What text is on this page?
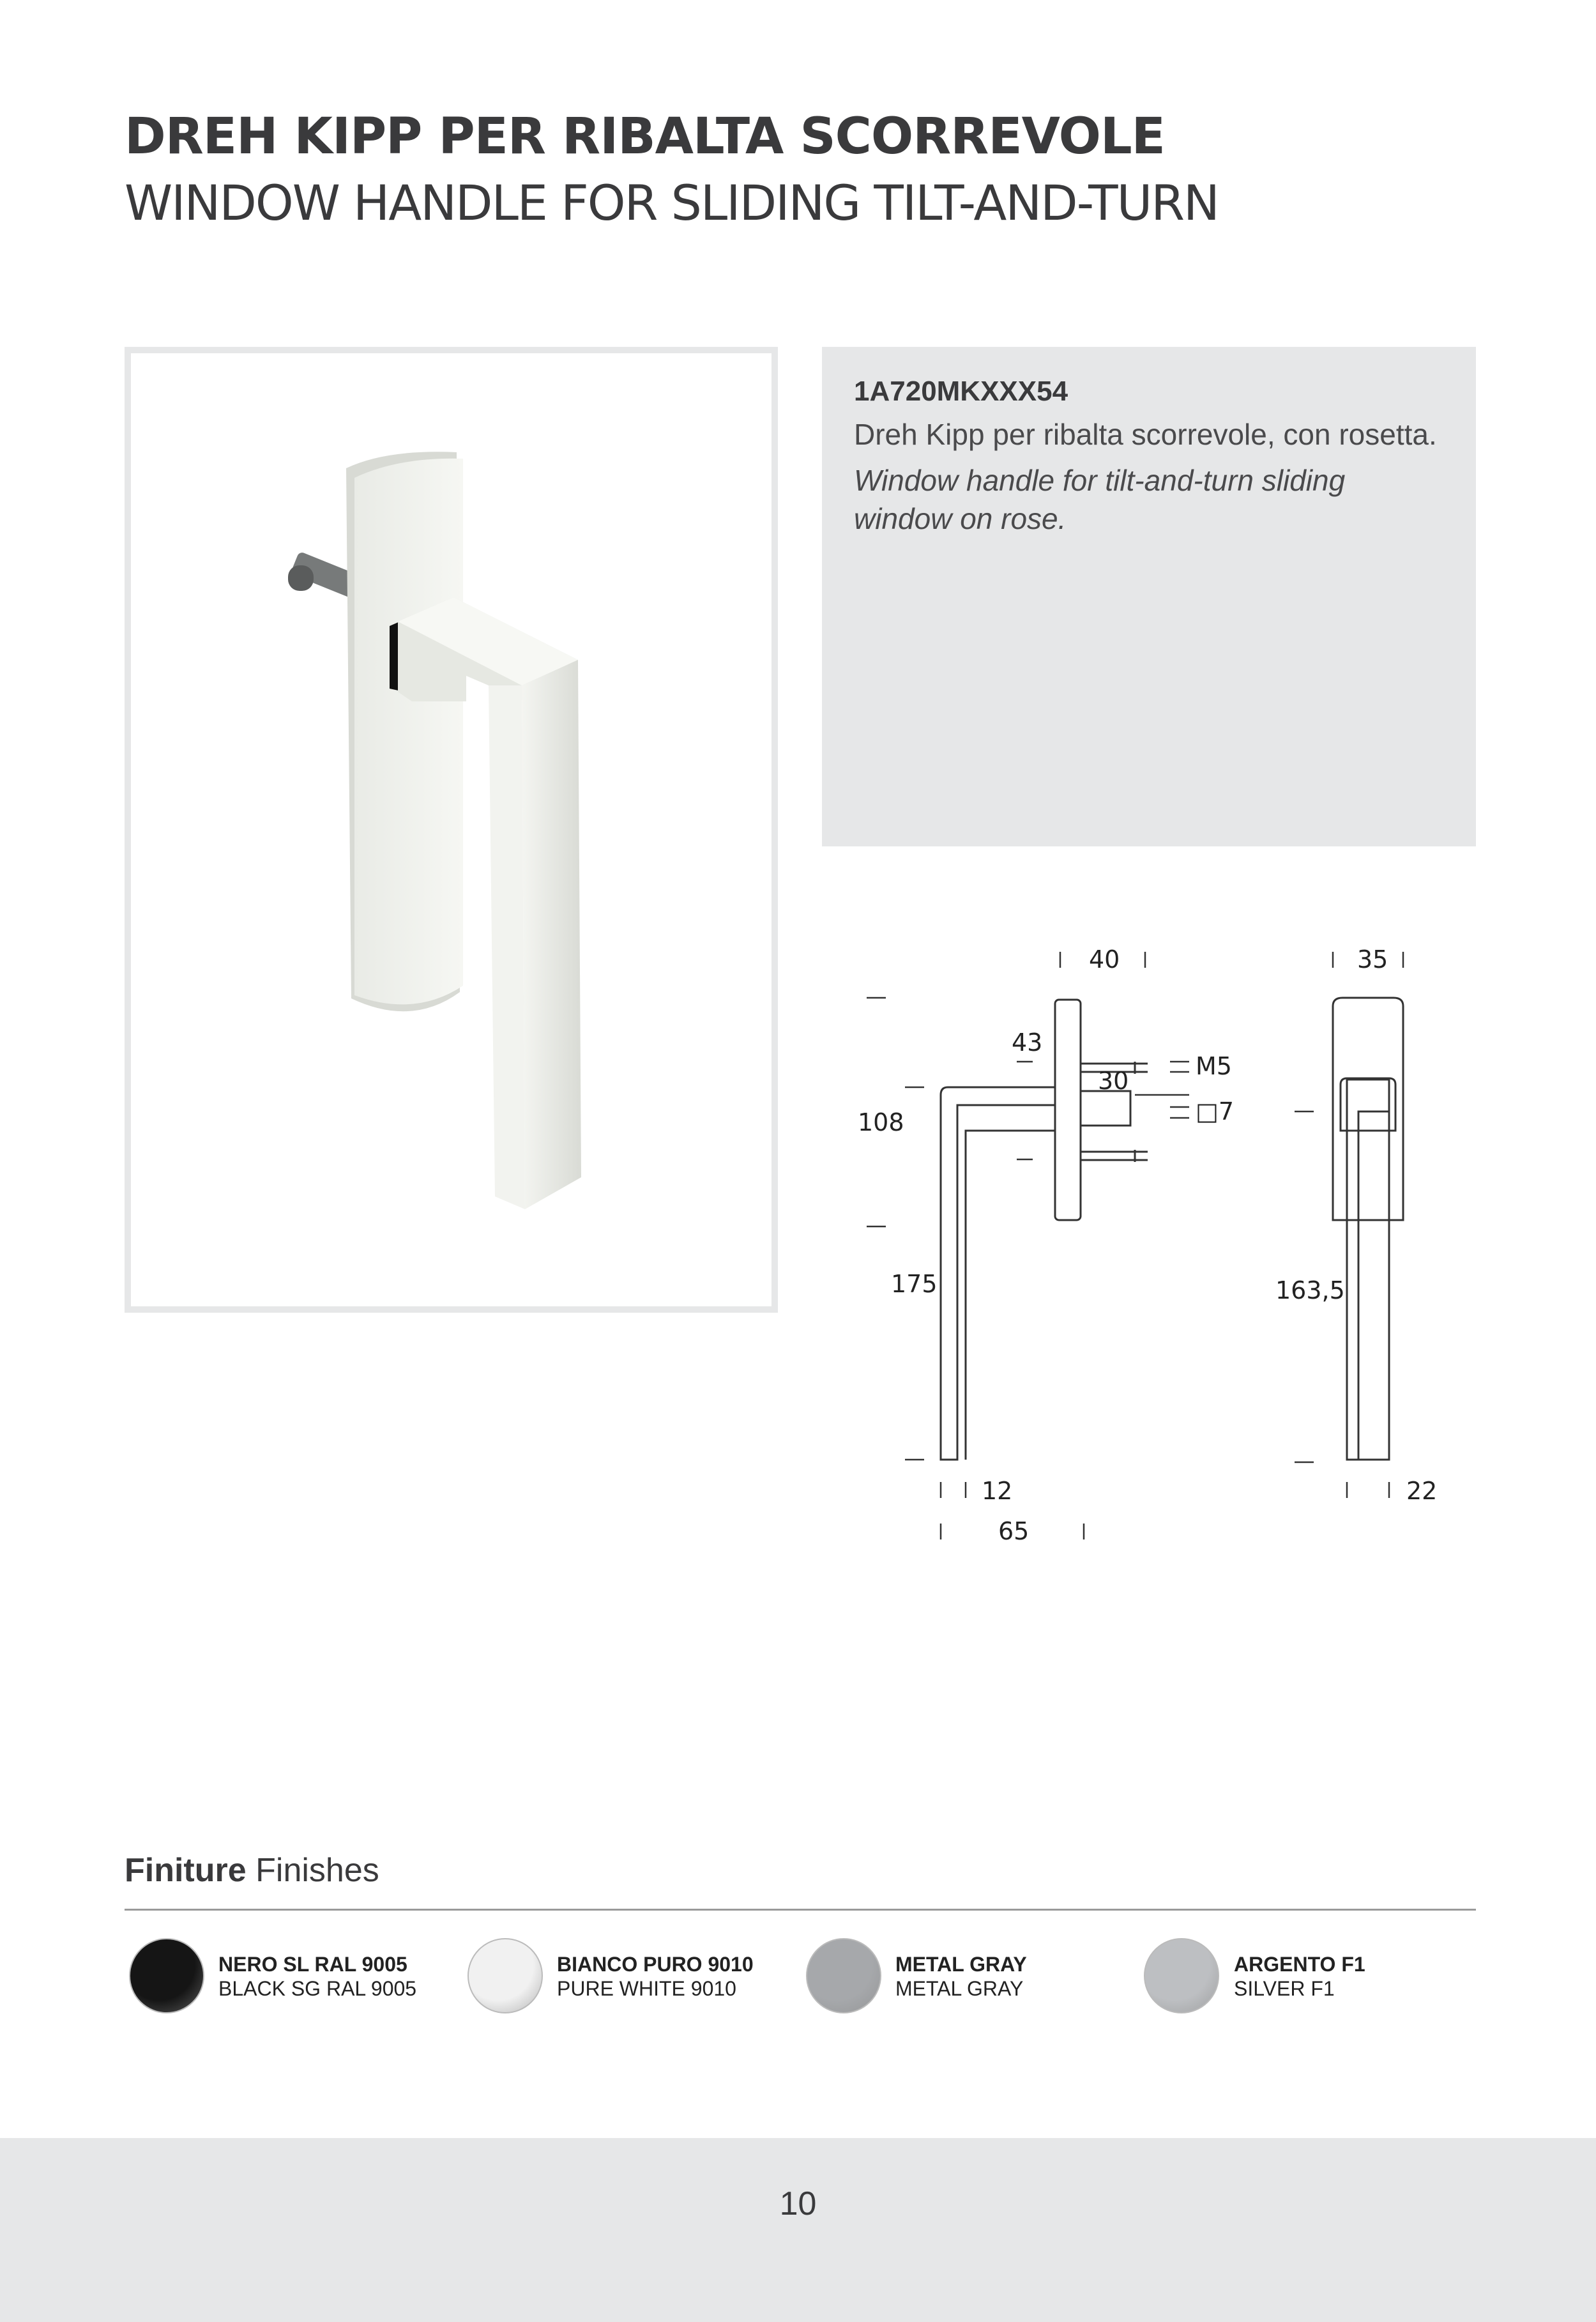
DREH KIPP PER RIBALTA SCORREVOLE
WINDOW HANDLE FOR SLIDING TILT-AND-TURN

1A720MKXXX54

Dreh Kipp per ribalta scorrevole, con rosetta.

Window handle for tilt-and-turn sliding window on rose.

40	35
43
M5
30
□7
108
175	163,5
12
65
22

Finiture Finishes

NERO SL RAL 9005
BLACK SG RAL 9005
BIANCO PURO 9010
PURE WHITE 9010
METAL GRAY
METAL GRAY
ARGENTO F1
SILVER F1
10
